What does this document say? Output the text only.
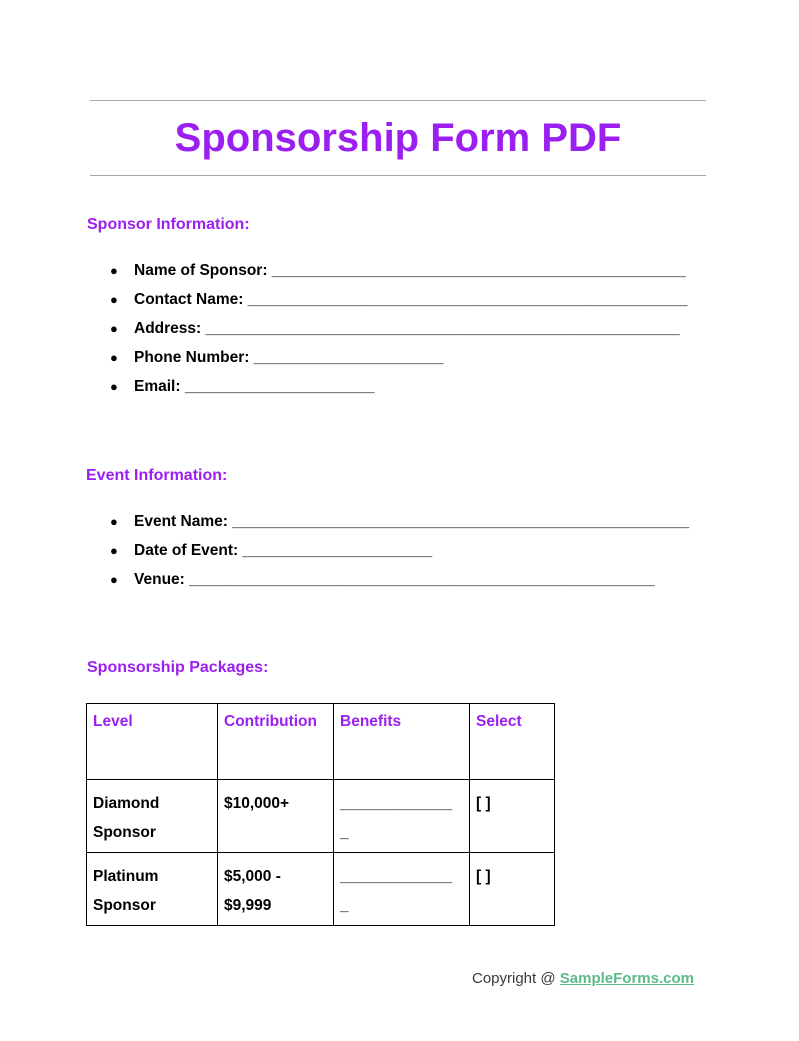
Sponsorship Form PDF
Sponsor Information:
● Name of Sponsor: ________________________________________________
● Contact Name: ___________________________________________________
● Address: _______________________________________________________
● Phone Number: ______________________
● Email: ______________________
Event Information:
● Event Name: _____________________________________________________
● Date of Event: ______________________
● Venue: ______________________________________________________
Sponsorship Packages:
Level	Contribution	Benefits	Select

Diamond Sponsor	$10,000+	______________	[ ]

Platinum Sponsor	$5,000 - $9,999	______________	[ ]
Copyright @ SampleForms.com
